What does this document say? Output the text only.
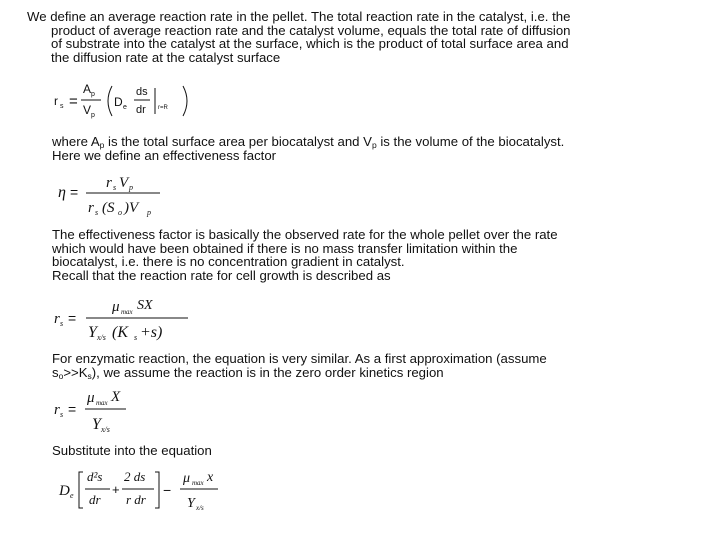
We define an average reaction rate in the pellet. The total reaction rate in the catalyst, i.e. the
product of average reaction rate and the catalyst volume, equals the total rate of diffusion
of substrate into the catalyst at the surface, which is the product of total surface area and
the diffusion rate at the catalyst surface

r s =
A p
V p
D e
ds
dr r=R

where $A_p$ is the total surface area per biocatalyst and $V_p$ is the volume of the biocatalyst.
Here we define an effectiveness factor

η =
r s V p
r s (S o )V p

The effectiveness factor is basically the observed rate for the whole pellet over the rate
which would have been obtained if there is no mass transfer limitation within the
biocatalyst, i.e. there is no concentration gradient in catalyst.
Recall that the reaction rate for cell growth is described as

r s =
μ max SX
Y x/s (K s +s)

For enzymatic reaction, the equation is very similar. As a first approximation (assume
$s_o>>K_s$), we assume the reaction is in the zero order kinetics region

r s =
μ max X
Y x/s

Substitute into the equation

D e
d²s
dr
+
2 ds
r dr
−
μ max x
Y x/s
